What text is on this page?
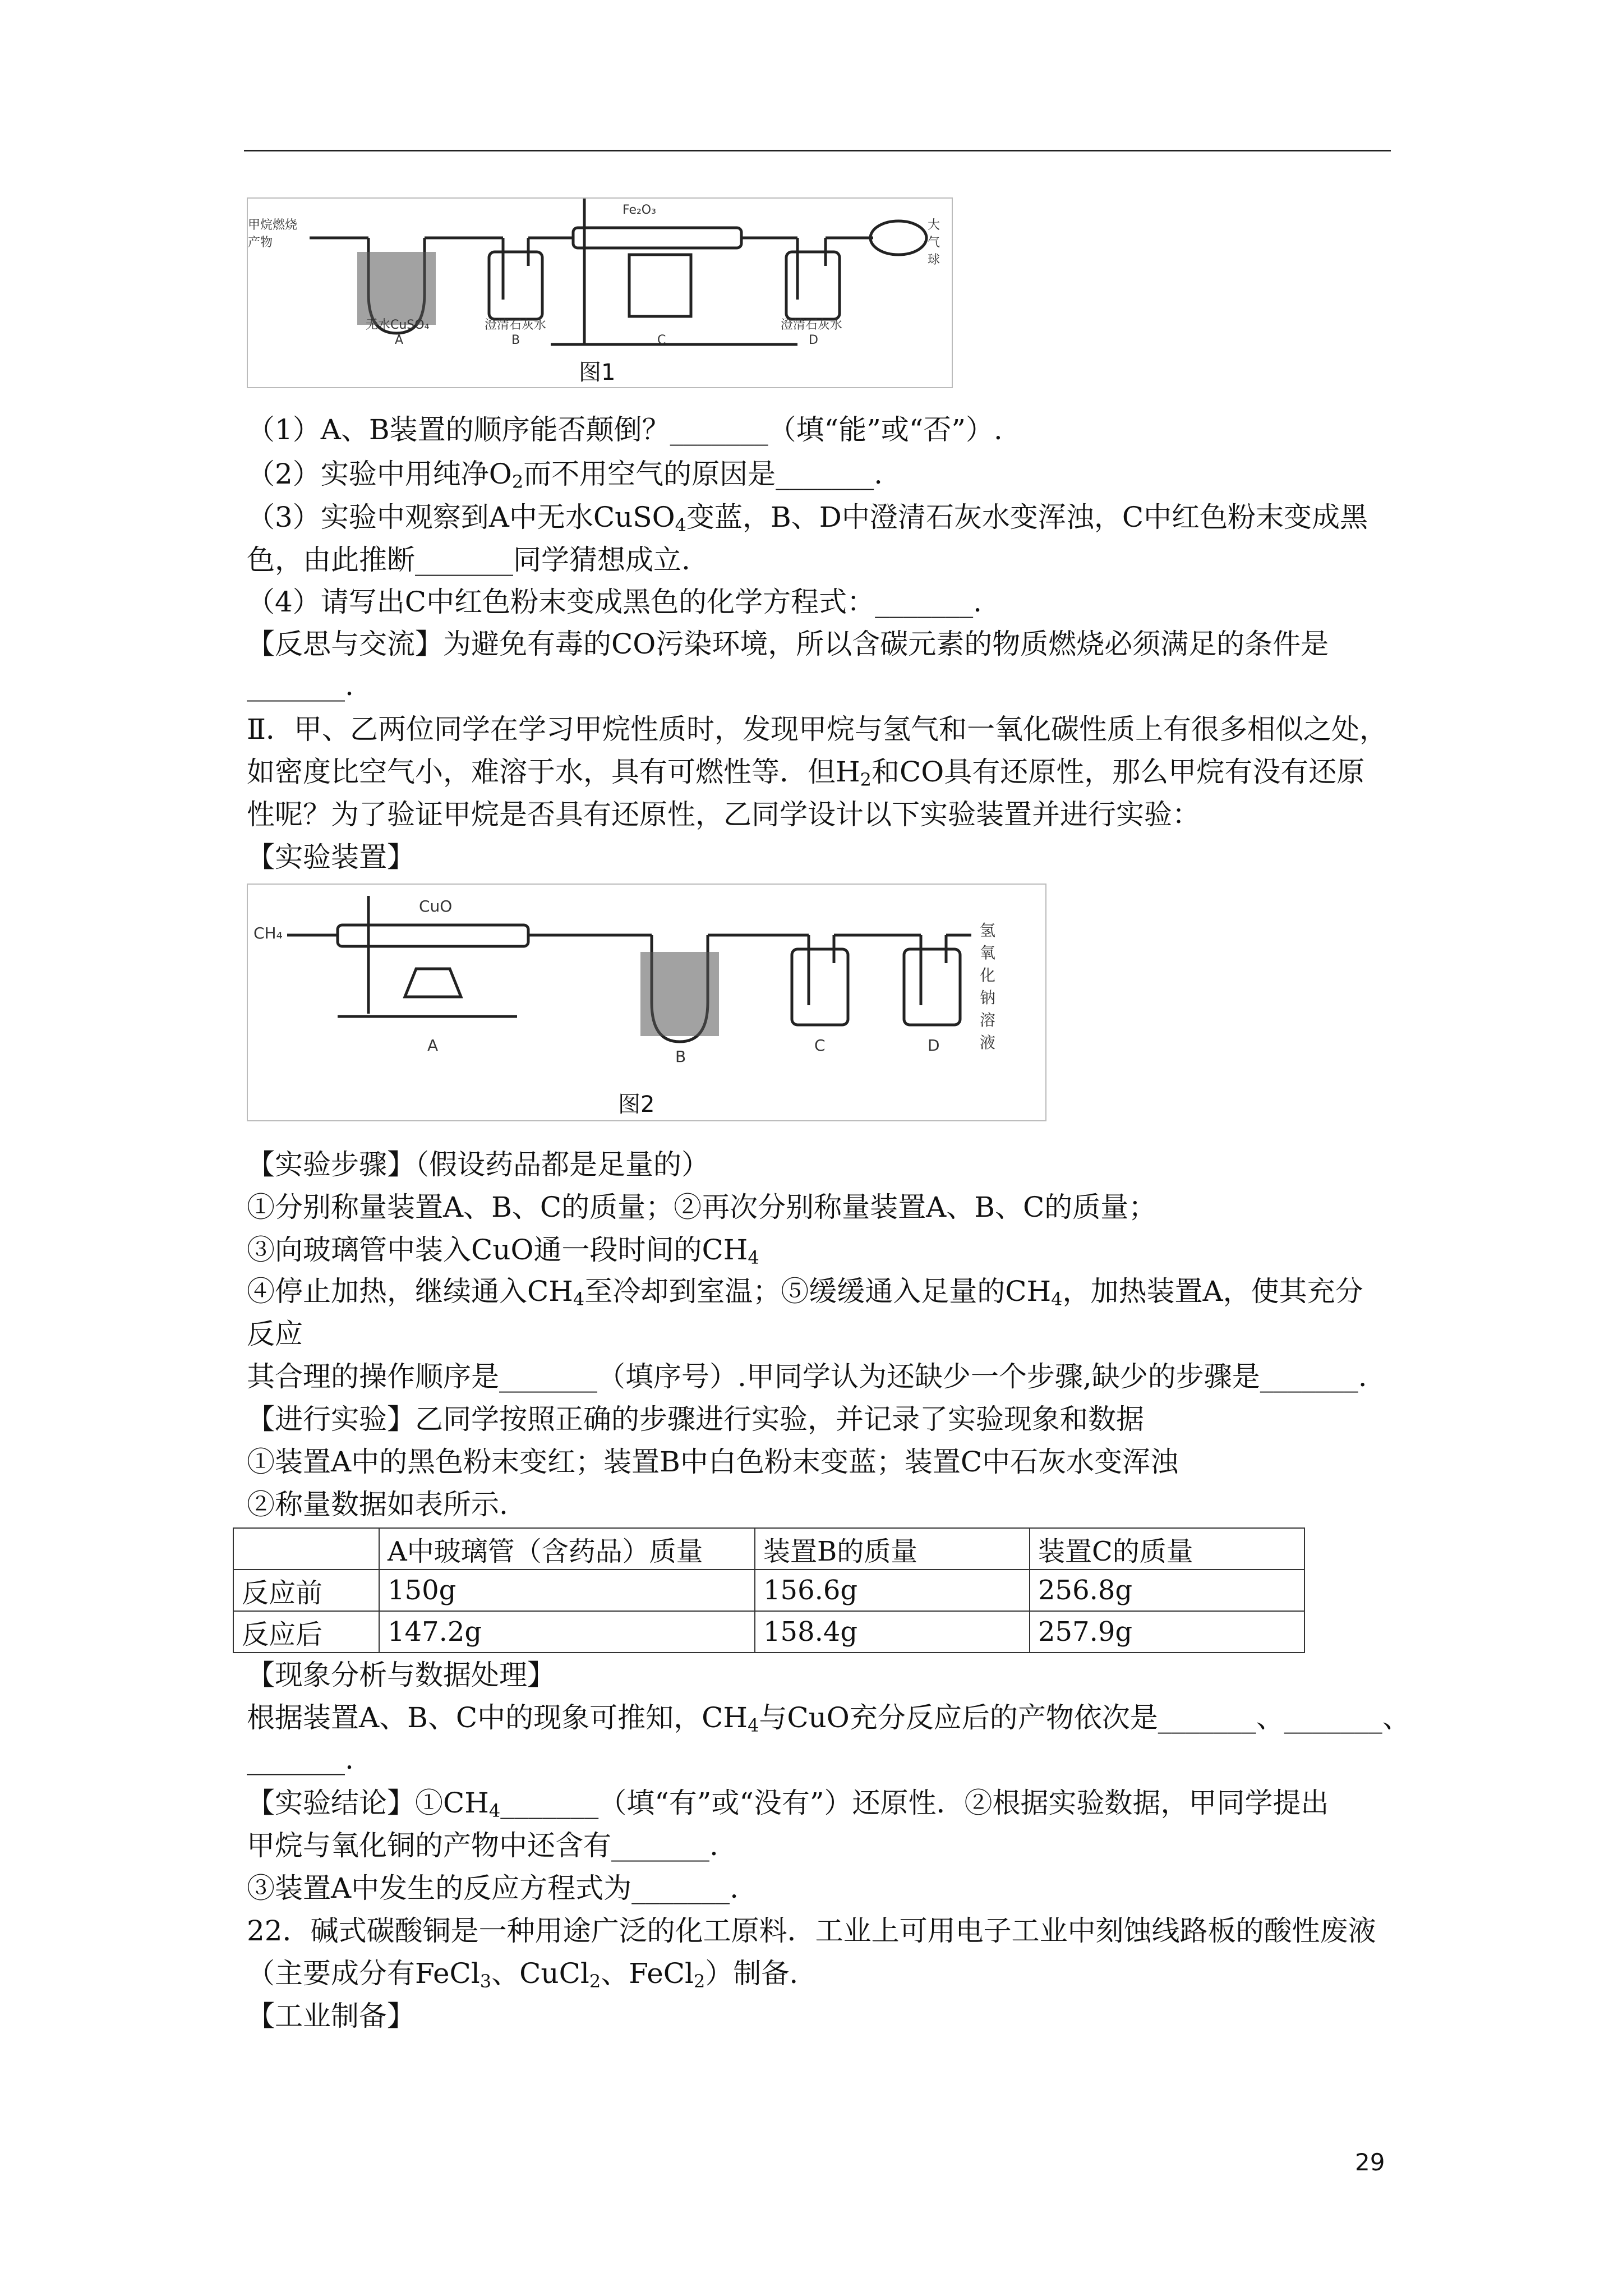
甲烷燃烧产物
大气球
Fe₂O₃
无水CuSO₄	澄清石灰水	澄清石灰水
A	B	C	D
图1
（1）A、B装置的顺序能否颠倒？_______（填“能”或“否”）.
（2）实验中用纯净$O_2$而不用空气的原因是_______.
（3）实验中观察到A中无水CuSO$_4$变蓝，B、D中澄清石灰水变浑浊，C中红色粉末变成黑
色，由此推断_______同学猜想成立.
（4）请写出C中红色粉末变成黑色的化学方程式：_______.
【反思与交流】为避免有毒的CO污染环境，所以含碳元素的物质燃烧必须满足的条件是
_______.
Ⅱ．甲、乙两位同学在学习甲烷性质时，发现甲烷与氢气和一氧化碳性质上有很多相似之处，
如密度比空气小，难溶于水，具有可燃性等．但$H_2$和CO具有还原性，那么甲烷有没有还原
性呢？为了验证甲烷是否具有还原性，乙同学设计以下实验装置并进行实验：
【实验装置】
CH₄
CuO
氢氧化钠溶液
A
B
C	D
图2
【实验步骤】（假设药品都是足量的）
①分别称量装置A、B、C的质量；②再次分别称量装置A、B、C的质量；
③向玻璃管中装入CuO通一段时间的$CH_4$
④停止加热，继续通入$CH_4$至冷却到室温；⑤缓缓通入足量的$CH_4$，加热装置A，使其充分
反应
其合理的操作顺序是_______（填序号）.甲同学认为还缺少一个步骤,缺少的步骤是_______.
【进行实验】乙同学按照正确的步骤进行实验，并记录了实验现象和数据
①装置A中的黑色粉末变红；装置B中白色粉末变蓝；装置C中石灰水变浑浊
②称量数据如表所示.
	A中玻璃管（含药品）质量	装置B的质量	装置C的质量
反应前	150g	156.6g	256.8g
反应后	147.2g	158.4g	257.9g
【现象分析与数据处理】
根据装置A、B、C中的现象可推知，$CH_4$与CuO充分反应后的产物依次是_______、_______、
_______.
【实验结论】$①CH_4\_\_\_\_\_\_\_$（填“有”或“没有”）还原性．②根据实验数据，甲同学提出
甲烷与氧化铜的产物中还含有_______.
③装置A中发生的反应方程式为_______.
22．碱式碳酸铜是一种用途广泛的化工原料．工业上可用电子工业中刻蚀线路板的酸性废液
（主要成分有FeCl$_3$、CuCl$_2$、FeCl$_2$）制备.
【工业制备】
29
